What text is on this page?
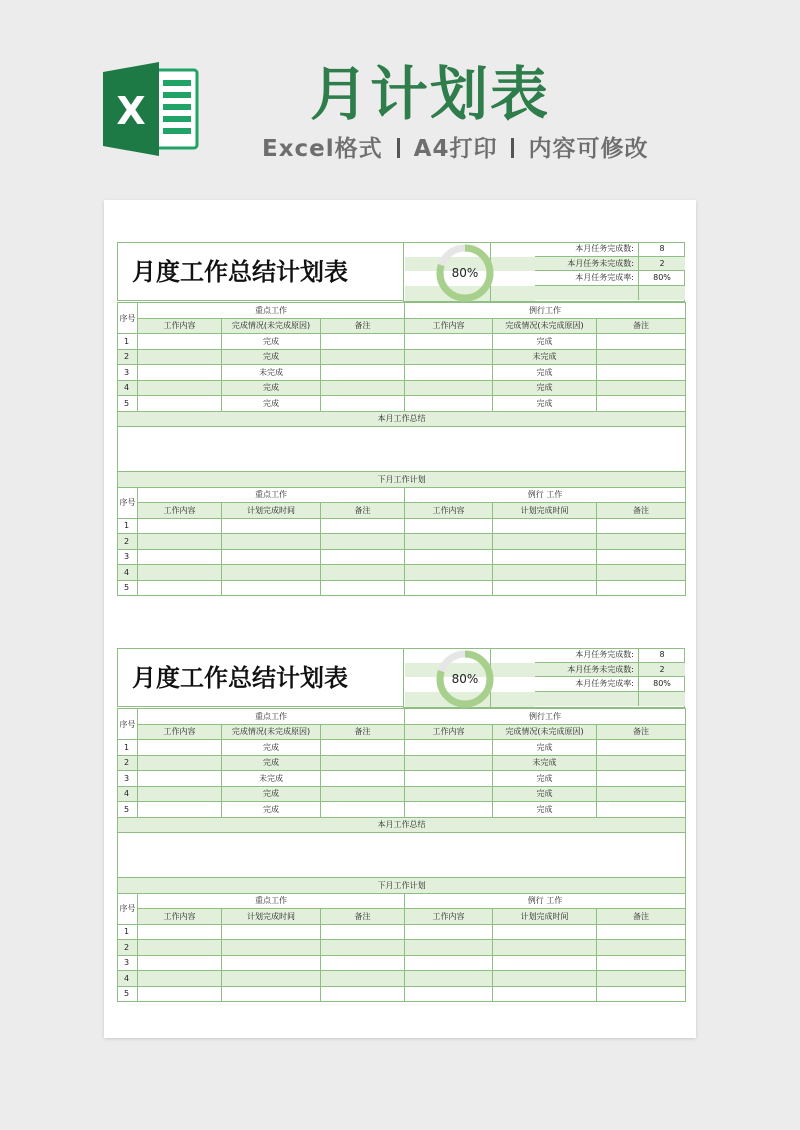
X	月计划表
Excel格式 A4打印 内容可修改
月度工作总结计划表	80%
本月任务完成数:	8
本月任务未完成数:	2
本月任务完成率:	80%
序号	重点工作			例行工作		
	工作内容	完成情况(未完成原因)	备注	工作内容	完成情况(未完成原因)	备注
1		完成			完成	
2		完成			未完成	
3		未完成			完成	
4		完成			完成	
5		完成			完成	
本月工作总结						

下月工作计划						
序号	重点工作			例行 工作		
	工作内容	计划完成时间	备注	工作内容	计划完成时间	备注
1						
2						
3						
4						
5						
月度工作总结计划表	80%
本月任务完成数:	8
本月任务未完成数:	2
本月任务完成率:	80%
序号	重点工作			例行工作		
	工作内容	完成情况(未完成原因)	备注	工作内容	完成情况(未完成原因)	备注
1		完成			完成	
2		完成			未完成	
3		未完成			完成	
4		完成			完成	
5		完成			完成	
本月工作总结						

下月工作计划						
序号	重点工作			例行 工作		
	工作内容	计划完成时间	备注	工作内容	计划完成时间	备注
1						
2						
3						
4						
5						
